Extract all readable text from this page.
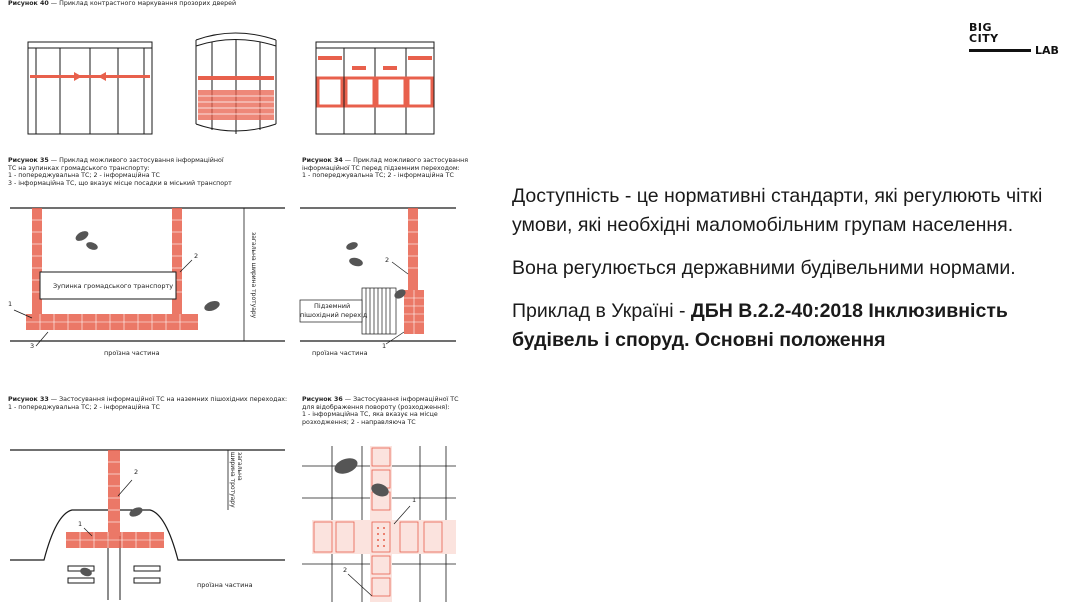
Рисунок 40 — Приклад контрастного маркування прозорих дверей
Рисунок 35 — Приклад можливого застосування інформаційної
ТС на зупинках громадського транспорту:
1 - попереджувальна ТС; 2 - інформаційна ТС
3 - інформаційна ТС, що вказує місце посадки в міський транспорт
Зупинка громадського транспорту
проїзна частина
загальна ширина тротуару
1
2
3
Рисунок 34 — Приклад можливого застосування
інформаційної ТС перед підземним переходом:
1 - попереджувальна ТС; 2 - інформаційна ТС
Підземний
пішохідний перехід
проїзна частина
1
2
Рисунок 33 — Застосування інформаційної ТС на наземних пішохідних переходах:
1 - попереджувальна ТС; 2 - інформаційна ТС
проїзна частина
загальна
ширина тротуару
1
2
Рисунок 36 — Застосування інформаційної ТС
для відображення повороту (розходження):
1 - інформаційна ТС, яка вказує на місце
розходження; 2 - направляюча ТС
1
2
BIG
CITY
LAB

Доступність - це нормативні стандарти, які регулюють чіткі умови, які необхідні маломобільним групам населення.

Вона регулюється державними будівельними нормами.

Приклад в Україні - ДБН В.2.2-40:2018 Інклюзивність будівель і споруд. Основні положення
